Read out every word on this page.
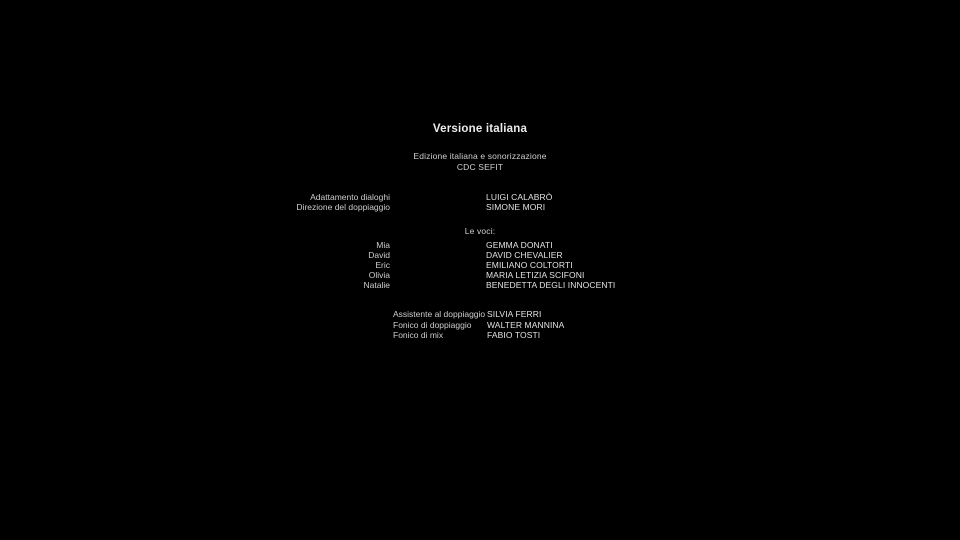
Versione italiana
Edizione italiana e sonorizzazione
CDC SEFIT
Adattamento dialoghi	LUIGI CALABRÒ
Direzione del doppiaggio	SIMONE MORI
Le voci:
Mia	GEMMA DONATI
David	DAVID CHEVALIER
Eric	EMILIANO COLTORTI
Olivia	MARIA LETIZIA SCIFONI
Natalie	BENEDETTA DEGLI INNOCENTI
Assistente al doppiaggio SILVIA FERRI
Fonico di doppiaggio WALTER MANNINA
Fonico di mix	FABIO TOSTI
